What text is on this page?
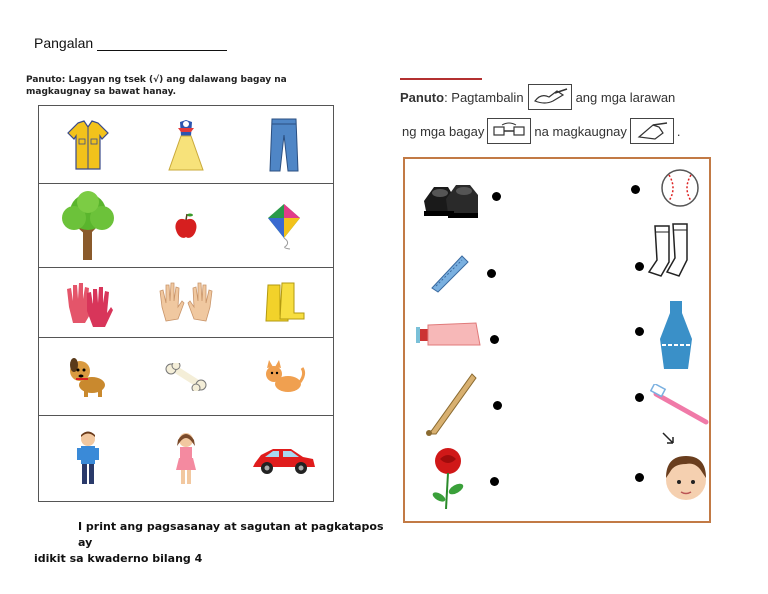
Pangalan
Panuto: Lagyan ng tsek (√) ang dalawang bagay na magkaugnay sa bawat hanay.
I print ang pagsasanay at sagutan at pagkatapos ay
idikit sa kwaderno bilang 4
Panuto: Pagtambalin	ang mga larawan
ng mga bagay	na magkaugnay	.
